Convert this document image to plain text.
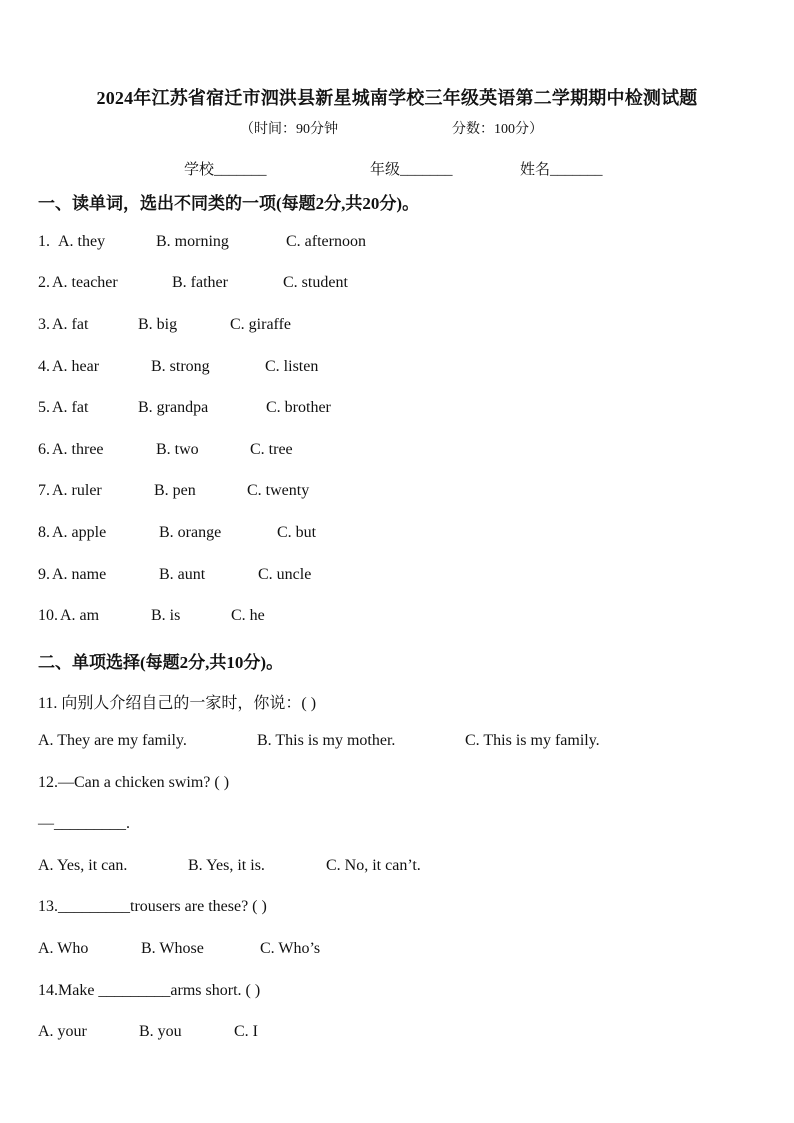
2024年江苏省宿迁市泗洪县新星城南学校三年级英语第二学期期中检测试题
（时间：90分钟	分数：100分）
学校_______	年级_______	姓名_______
一、读单词，选出不同类的一项(每题2分,共20分)。
1. A. they	B. morning	C. afternoon
2. A. teacher	B. father	C. student
3. A. fat	B. big	C. giraffe
4. A. hear	B. strong	C. listen
5. A. fat	B. grandpa	C. brother
6. A. three	B. two	C. tree
7. A. ruler	B. pen	C. twenty
8. A. apple	B. orange	C. but
9. A. name	B. aunt	C. uncle
10. A. am	B. is	C. he
二、单项选择(每题2分,共10分)。
11. 向别人介绍自己的一家时，你说：( )
A. They are my family.	B. This is my mother.	C. This is my family.
12.—Can a chicken swim? ( )
—_________.
A. Yes, it can.	B. Yes, it is.	C. No, it can’t.
13._________trousers are these? ( )
A. Who	B. Whose	C. Who’s
14.Make _________arms short. ( )
A. your	B. you	C. I
